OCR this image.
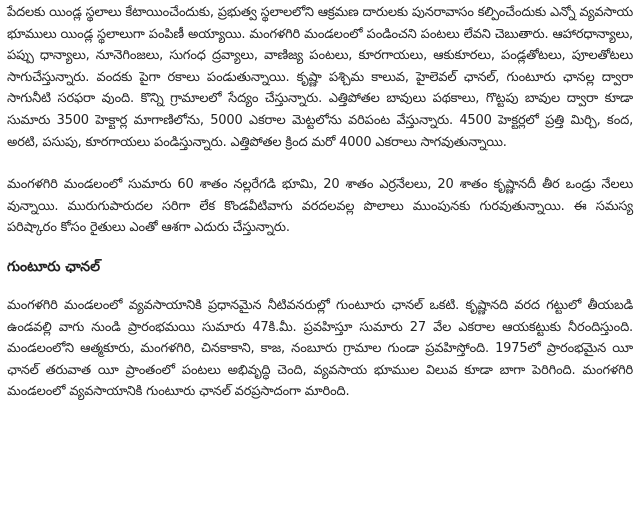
పేదలకు యిండ్ల స్థలాలు కేటాయించేందుకు, ప్రభుత్వ స్థలాలలోని ఆక్రమణ దారులకు పునరావాసం కల్పించేందుకు ఎన్నో వ్యవసాయ భూములు యిండ్ల స్థలాలుగా పంపిణీ అయ్యాయి. మంగళగిరి మండలంలో పండించని పంటలు లేవని చెబుతారు. ఆహారధాన్యాలు, పప్పు ధాన్యాలు, నూనెగింజలు, సుగంధ ద్రవ్యాలు, వాణిజ్య పంటలు, కూరగాయలు, ఆకుకూరలు, పండ్లతోటలు, పూలతోటలు సాగుచేస్తున్నారు. వందకు పైగా రకాలు పండుతున్నాయి. కృష్ణా పశ్చిమ కాలువ, హైలెవల్ ఛానల్, గుంటూరు ఛానల్ల ద్వారా సాగునీటి సరఫరా వుంది. కొన్ని గ్రామాలలో సేద్యం చేస్తున్నారు. ఎత్తిపోతల బావులు పథకాలు, గొట్టపు బావుల ద్వారా కూడా సుమారు 3500 హెక్టార్ల మాగాణిలోను, 5000 ఎకరాల మెట్టలోను వరిపంట వేస్తున్నారు. 4500 హెక్టర్లలో ప్రత్తి మిర్చి, కంద, అరటి, పసుపు, కూరగాయలు పండిస్తున్నారు. ఎత్తిపోతల క్రింద మరో 4000 ఎకరాలు సాగవుతున్నాయి.

మంగళగిరి మండలంలో సుమారు 60 శాతం నల్లరేగడి భూమి, 20 శాతం ఎర్రనేలలు, 20 శాతం కృష్ణానదీ తీర ఒండ్రు నేలలు వున్నాయి. మురుగుపారుదల సరిగా లేక కొండవీటివాగు వరదలవల్ల పొలాలు ముంపునకు గురవుతున్నాయి. ఈ సమస్య పరిష్కారం కోసం రైతులు ఎంతో ఆశగా ఎదురు చేస్తున్నారు.

గుంటూరు ఛానల్

మంగళగిరి మండలంలో వ్యవసాయానికి ప్రధానమైన నీటివనరుల్లో గుంటూరు ఛానల్ ఒకటి. కృష్ణానది వరద గట్టులో తీయబడి ఉండవల్లి వాగు నుండి ప్రారంభమయి సుమారు 47కి.మీ. ప్రవహిస్తూ సుమారు 27 వేల ఎకరాల ఆయకట్టుకు నీరందిస్తుంది. మండలంలోని ఆత్మకూరు, మంగళగిరి, చినకాకాని, కాజ, నంబూరు గ్రామాల గుండా ప్రవహిస్తోంది. 1975లో ప్రారంభమైన యీ ఛానల్ తరువాత యీ ప్రాంతంలో పంటలు అభివృద్ధి చెంది, వ్యవసాయ భూముల విలువ కూడా బాగా పెరిగింది. మంగళగిరి మండలంలో వ్యవసాయానికి గుంటూరు ఛానల్ వరప్రసాదంగా మారింది.
